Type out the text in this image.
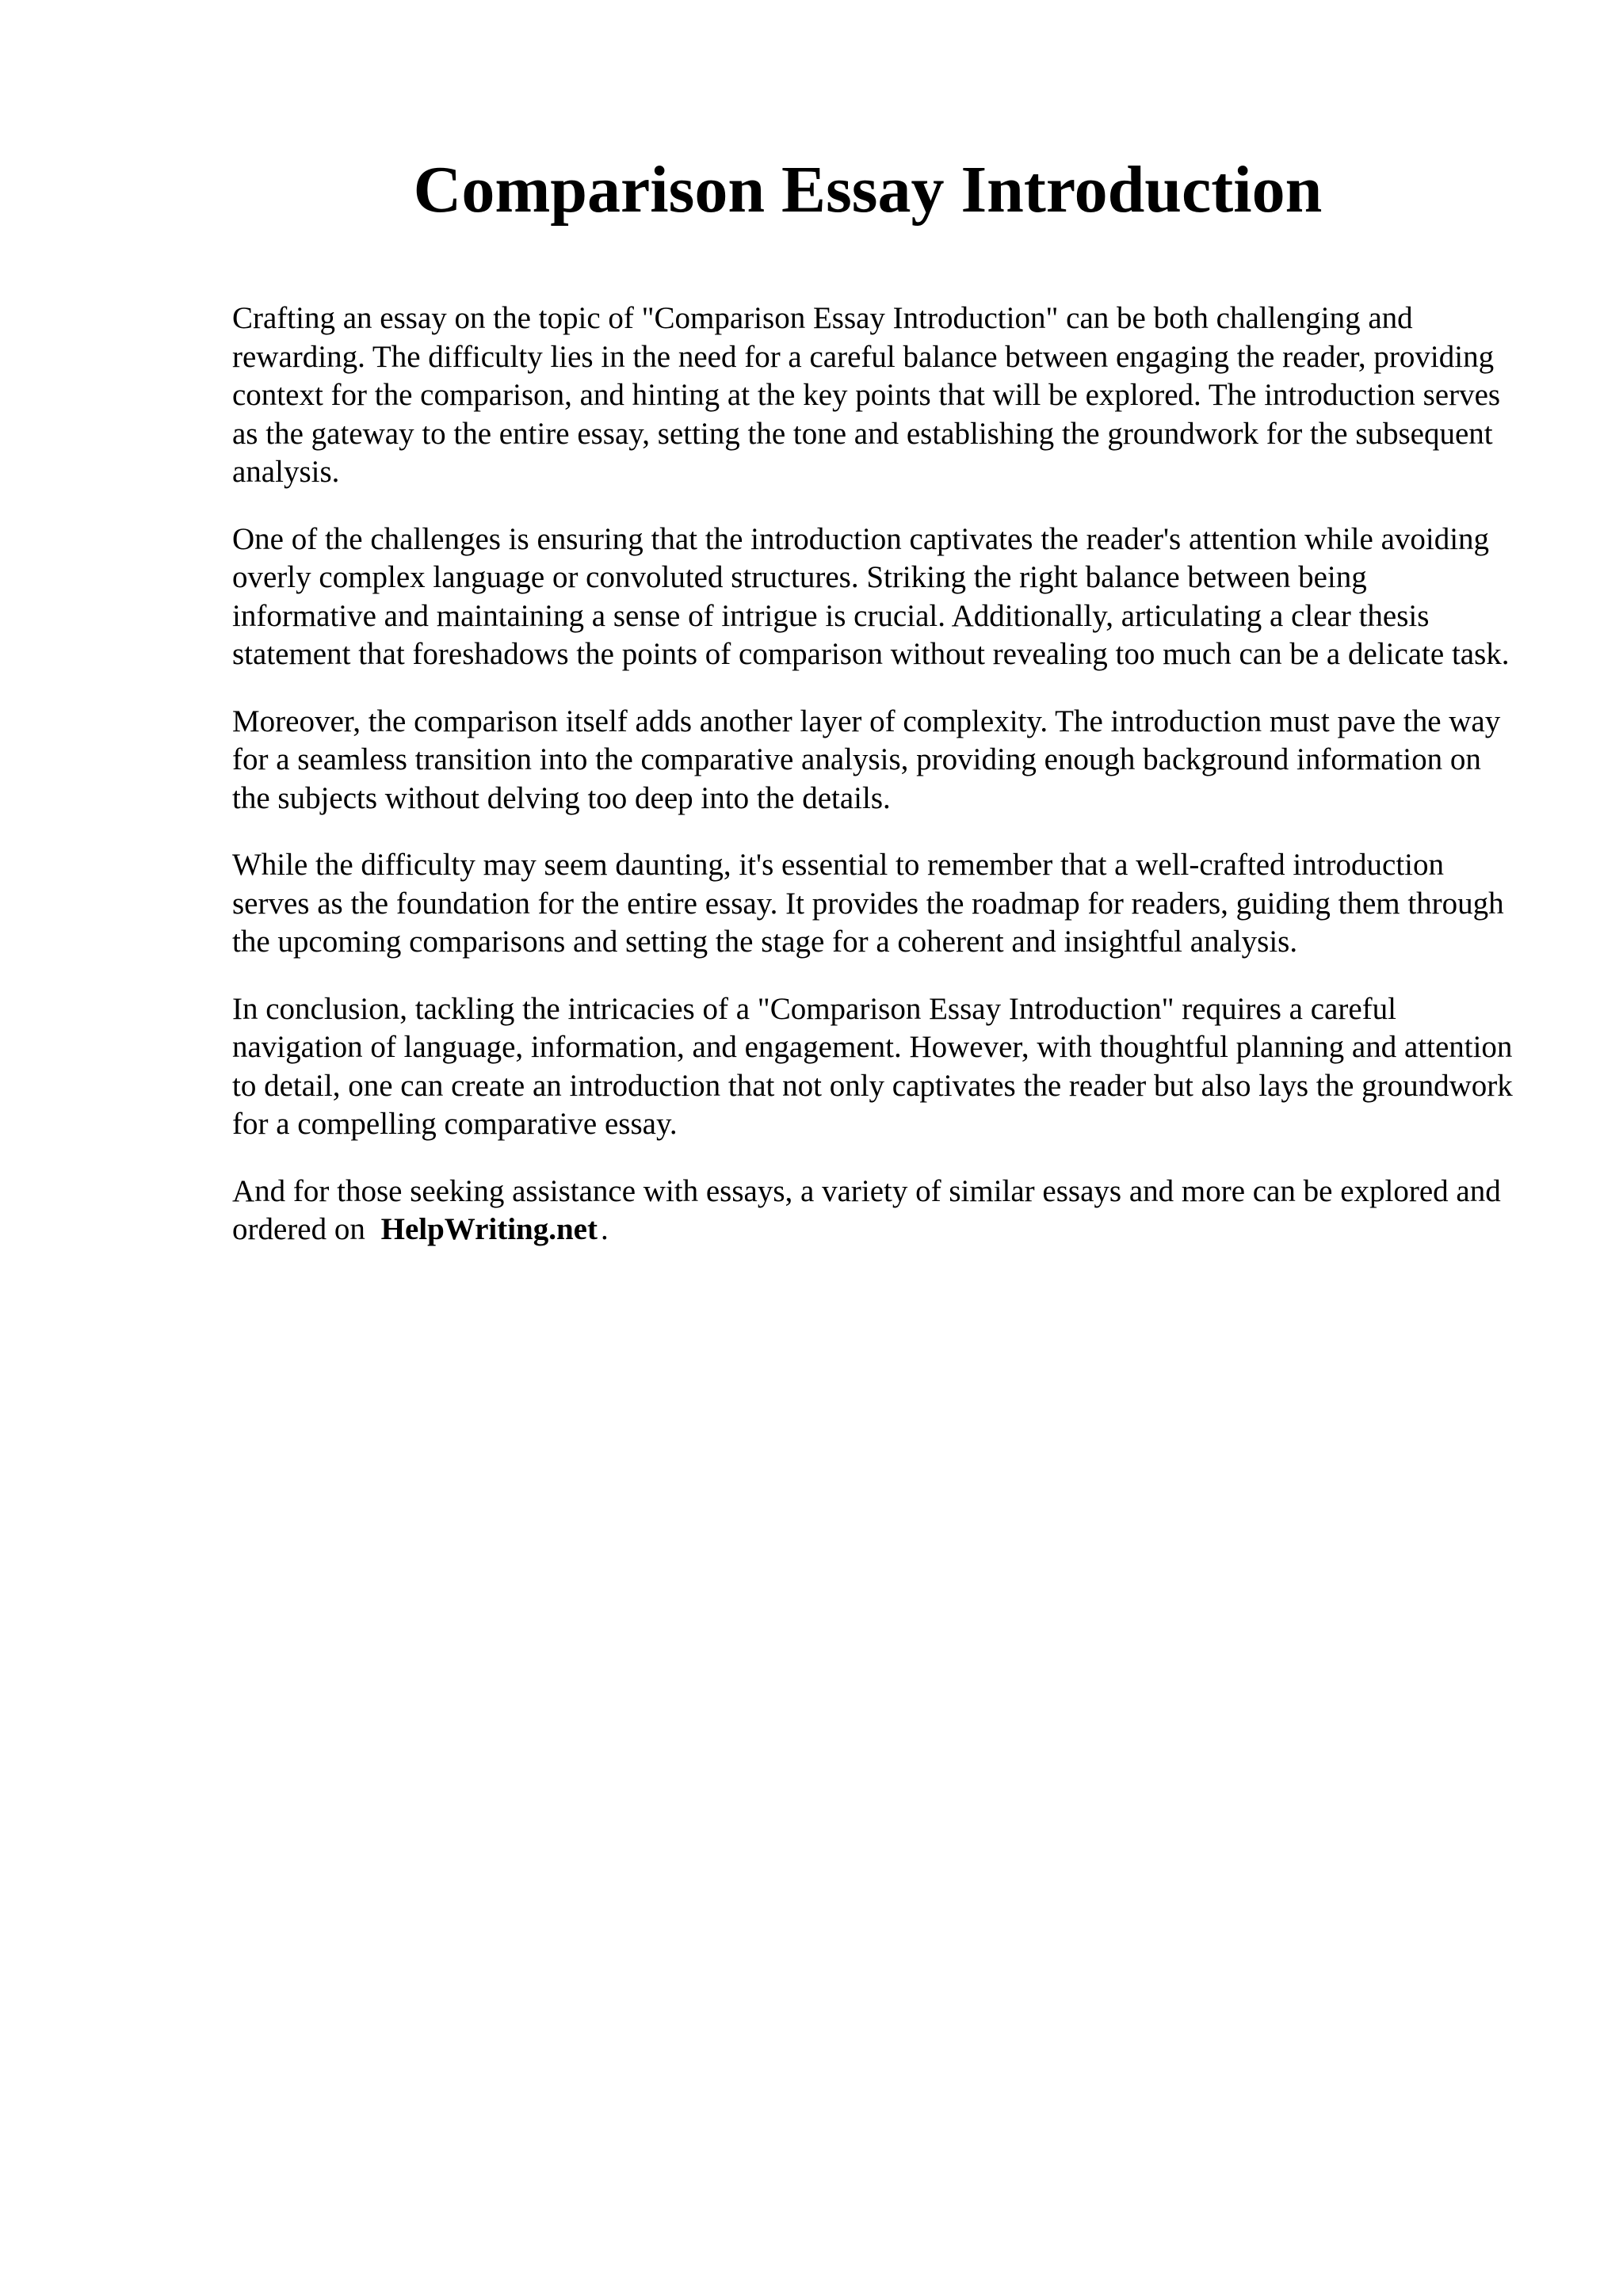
Comparison Essay Introduction

Crafting an essay on the topic of "Comparison Essay Introduction" can be both challenging and rewarding. The difficulty lies in the need for a careful balance between engaging the reader, providing context for the comparison, and hinting at the key points that will be explored. The introduction serves as the gateway to the entire essay, setting the tone and establishing the groundwork for the subsequent analysis.

One of the challenges is ensuring that the introduction captivates the reader's attention while avoiding overly complex language or convoluted structures. Striking the right balance between being informative and maintaining a sense of intrigue is crucial. Additionally, articulating a clear thesis statement that foreshadows the points of comparison without revealing too much can be a delicate task.

Moreover, the comparison itself adds another layer of complexity. The introduction must pave the way for a seamless transition into the comparative analysis, providing enough background information on the subjects without delving too deep into the details.

While the difficulty may seem daunting, it's essential to remember that a well-crafted introduction serves as the foundation for the entire essay. It provides the roadmap for readers, guiding them through the upcoming comparisons and setting the stage for a coherent and insightful analysis.

In conclusion, tackling the intricacies of a "Comparison Essay Introduction" requires a careful navigation of language, information, and engagement. However, with thoughtful planning and attention to detail, one can create an introduction that not only captivates the reader but also lays the groundwork for a compelling comparative essay.

And for those seeking assistance with essays, a variety of similar essays and more can be explored and ordered on HelpWriting.net .
